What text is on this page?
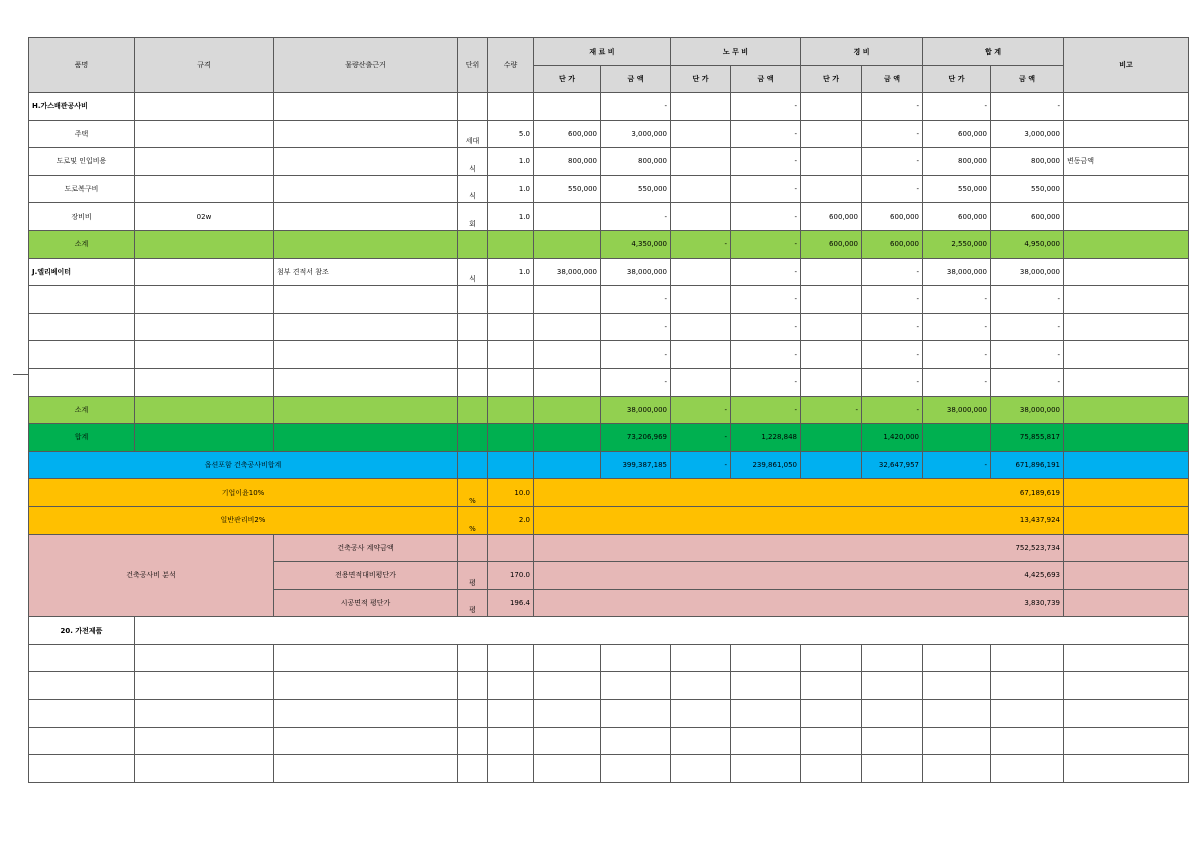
품명	규격	물량산출근거	단위	수량	재 료 비		노 무 비		경 비		합 계		비고
					단 가	금 액	단 가	금 액	단 가	금 액	단 가	금 액	
H.가스배관공사비						-		-		-	-	-	
주택			세대	5.0	600,000	3,000,000		-		-	600,000	3,000,000	
도로및 인입비용			식	1.0	800,000	800,000		-		-	800,000	800,000	변동금액
도로복구비			식	1.0	550,000	550,000		-		-	550,000	550,000	
장비비	02w		회	1.0		-		-	600,000	600,000	600,000	600,000	
소계						4,350,000	-	-	600,000	600,000	2,550,000	4,950,000	
J.엘리베이터		첨부 견적서 참조	식	1.0	38,000,000	38,000,000		-		-	38,000,000	38,000,000	
						-		-		-	-	-	
						-		-		-	-	-	
						-		-		-	-	-	
						-		-		-	-	-	
소계						38,000,000	-	-	-	-	38,000,000	38,000,000	
합계						73,206,969	-	1,228,848		1,420,000		75,855,817	
옵션포함 건축공사비합계						399,387,185	-	239,861,050		32,647,957	-	671,896,191	
기업이윤10%			%	10.0	67,189,619								
일반관리비2%			%	2.0	13,437,924								
건축공사비 분석		건축공사 계약금액			752,523,734								
		전용면적대비평단가	평	170.0	4,425,693								
		시공면적 평단가	평	196.4	3,830,739								
20. 가전제품													
